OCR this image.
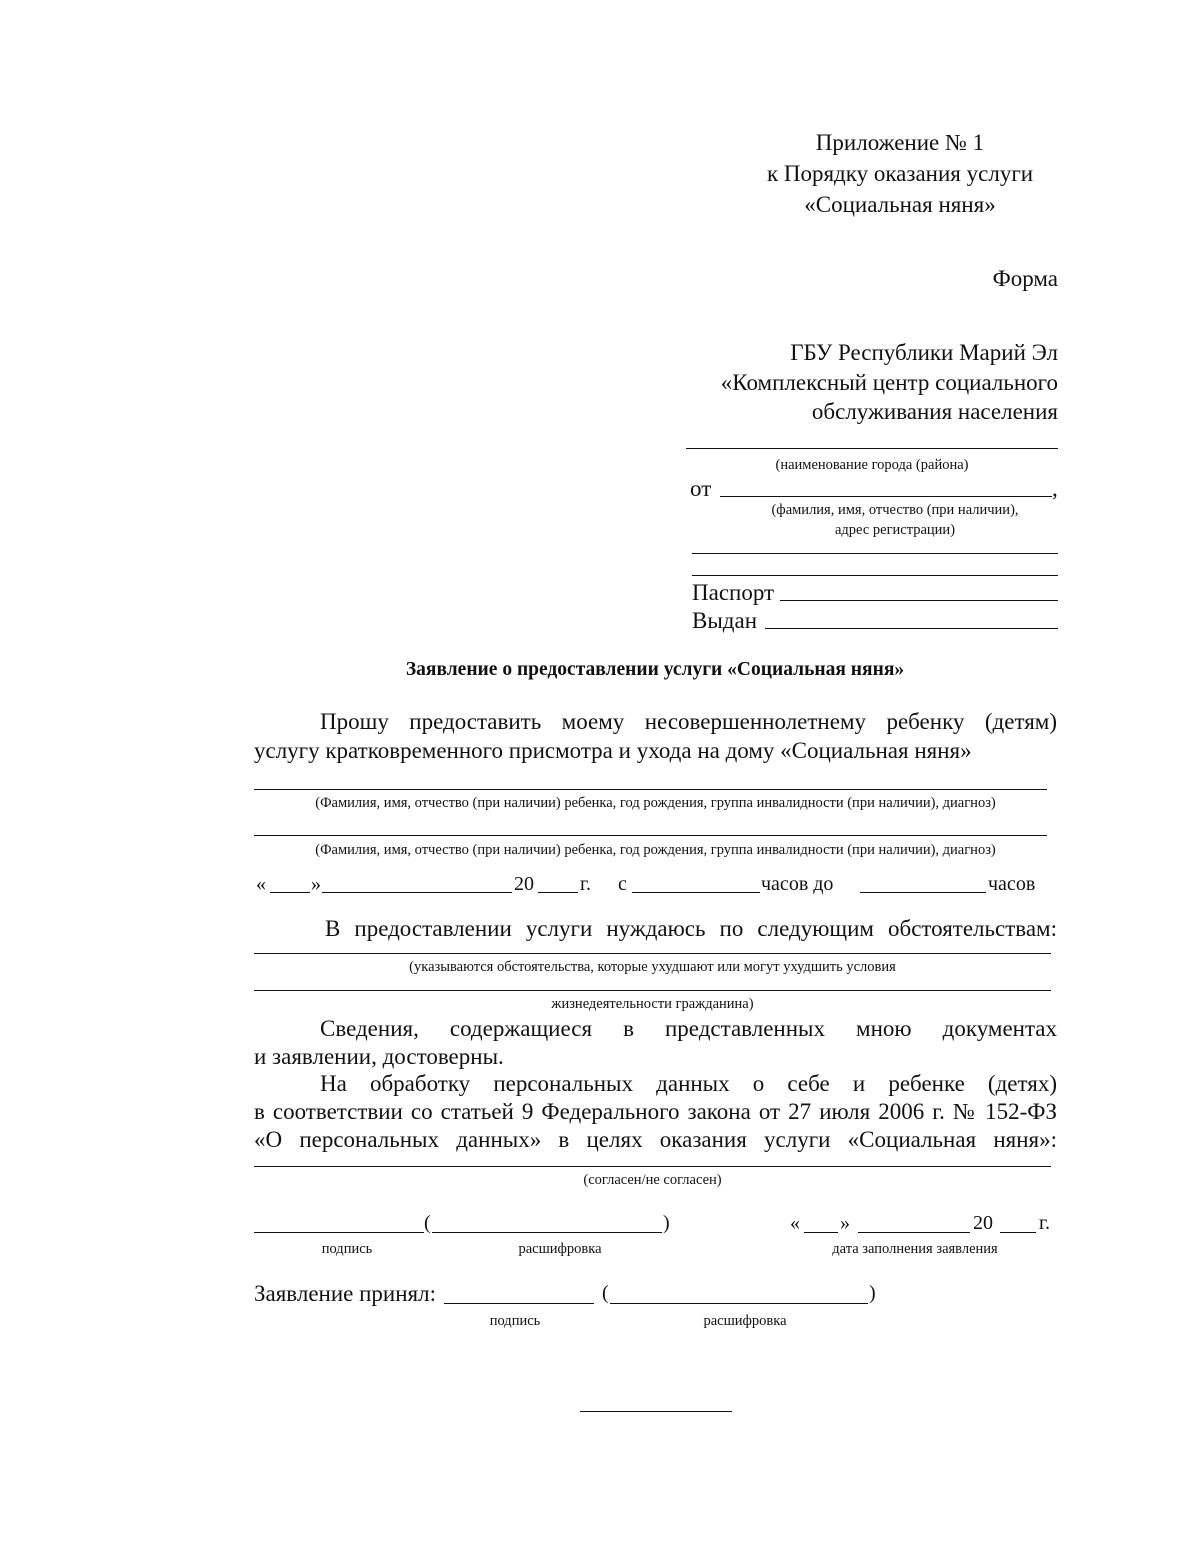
Приложение № 1
к Порядку оказания услуги
«Социальная няня»
Форма
ГБУ Республики Марий Эл
«Комплексный центр социального
обслуживания населения
(наименование города (района)
от	,
(фамилия, имя, отчество (при наличии),
адрес регистрации)
Паспорт
Выдан
Заявление о предоставлении услуги «Социальная няня»
Прошу предоставить моему несовершеннолетнему ребенку (детям)
услугу кратковременного присмотра и ухода на дому «Социальная няня»
(Фамилия, имя, отчество (при наличии) ребенка, год рождения, группа инвалидности (при наличии), диагноз)
(Фамилия, имя, отчество (при наличии) ребенка, год рождения, группа инвалидности (при наличии), диагноз)
« »	20 г. с	часов до	часов
В предоставлении услуги нуждаюсь по следующим обстоятельствам:
(указываются обстоятельства, которые ухудшают или могут ухудшить условия
жизнедеятельности гражданина)
Сведения, содержащиеся в представленных мною документах
и заявлении, достоверны.
На обработку персональных данных о себе и ребенке (детях)
в соответствии со статьей 9 Федерального закона от 27 июля 2006 г. № 152-ФЗ
«О персональных данных» в целях оказания услуги «Социальная няня»:
(согласен/не согласен)
(	)
подпись	расшифровка
« »	20 г.
дата заполнения заявления
Заявление принял:	(	)
подпись	расшифровка
